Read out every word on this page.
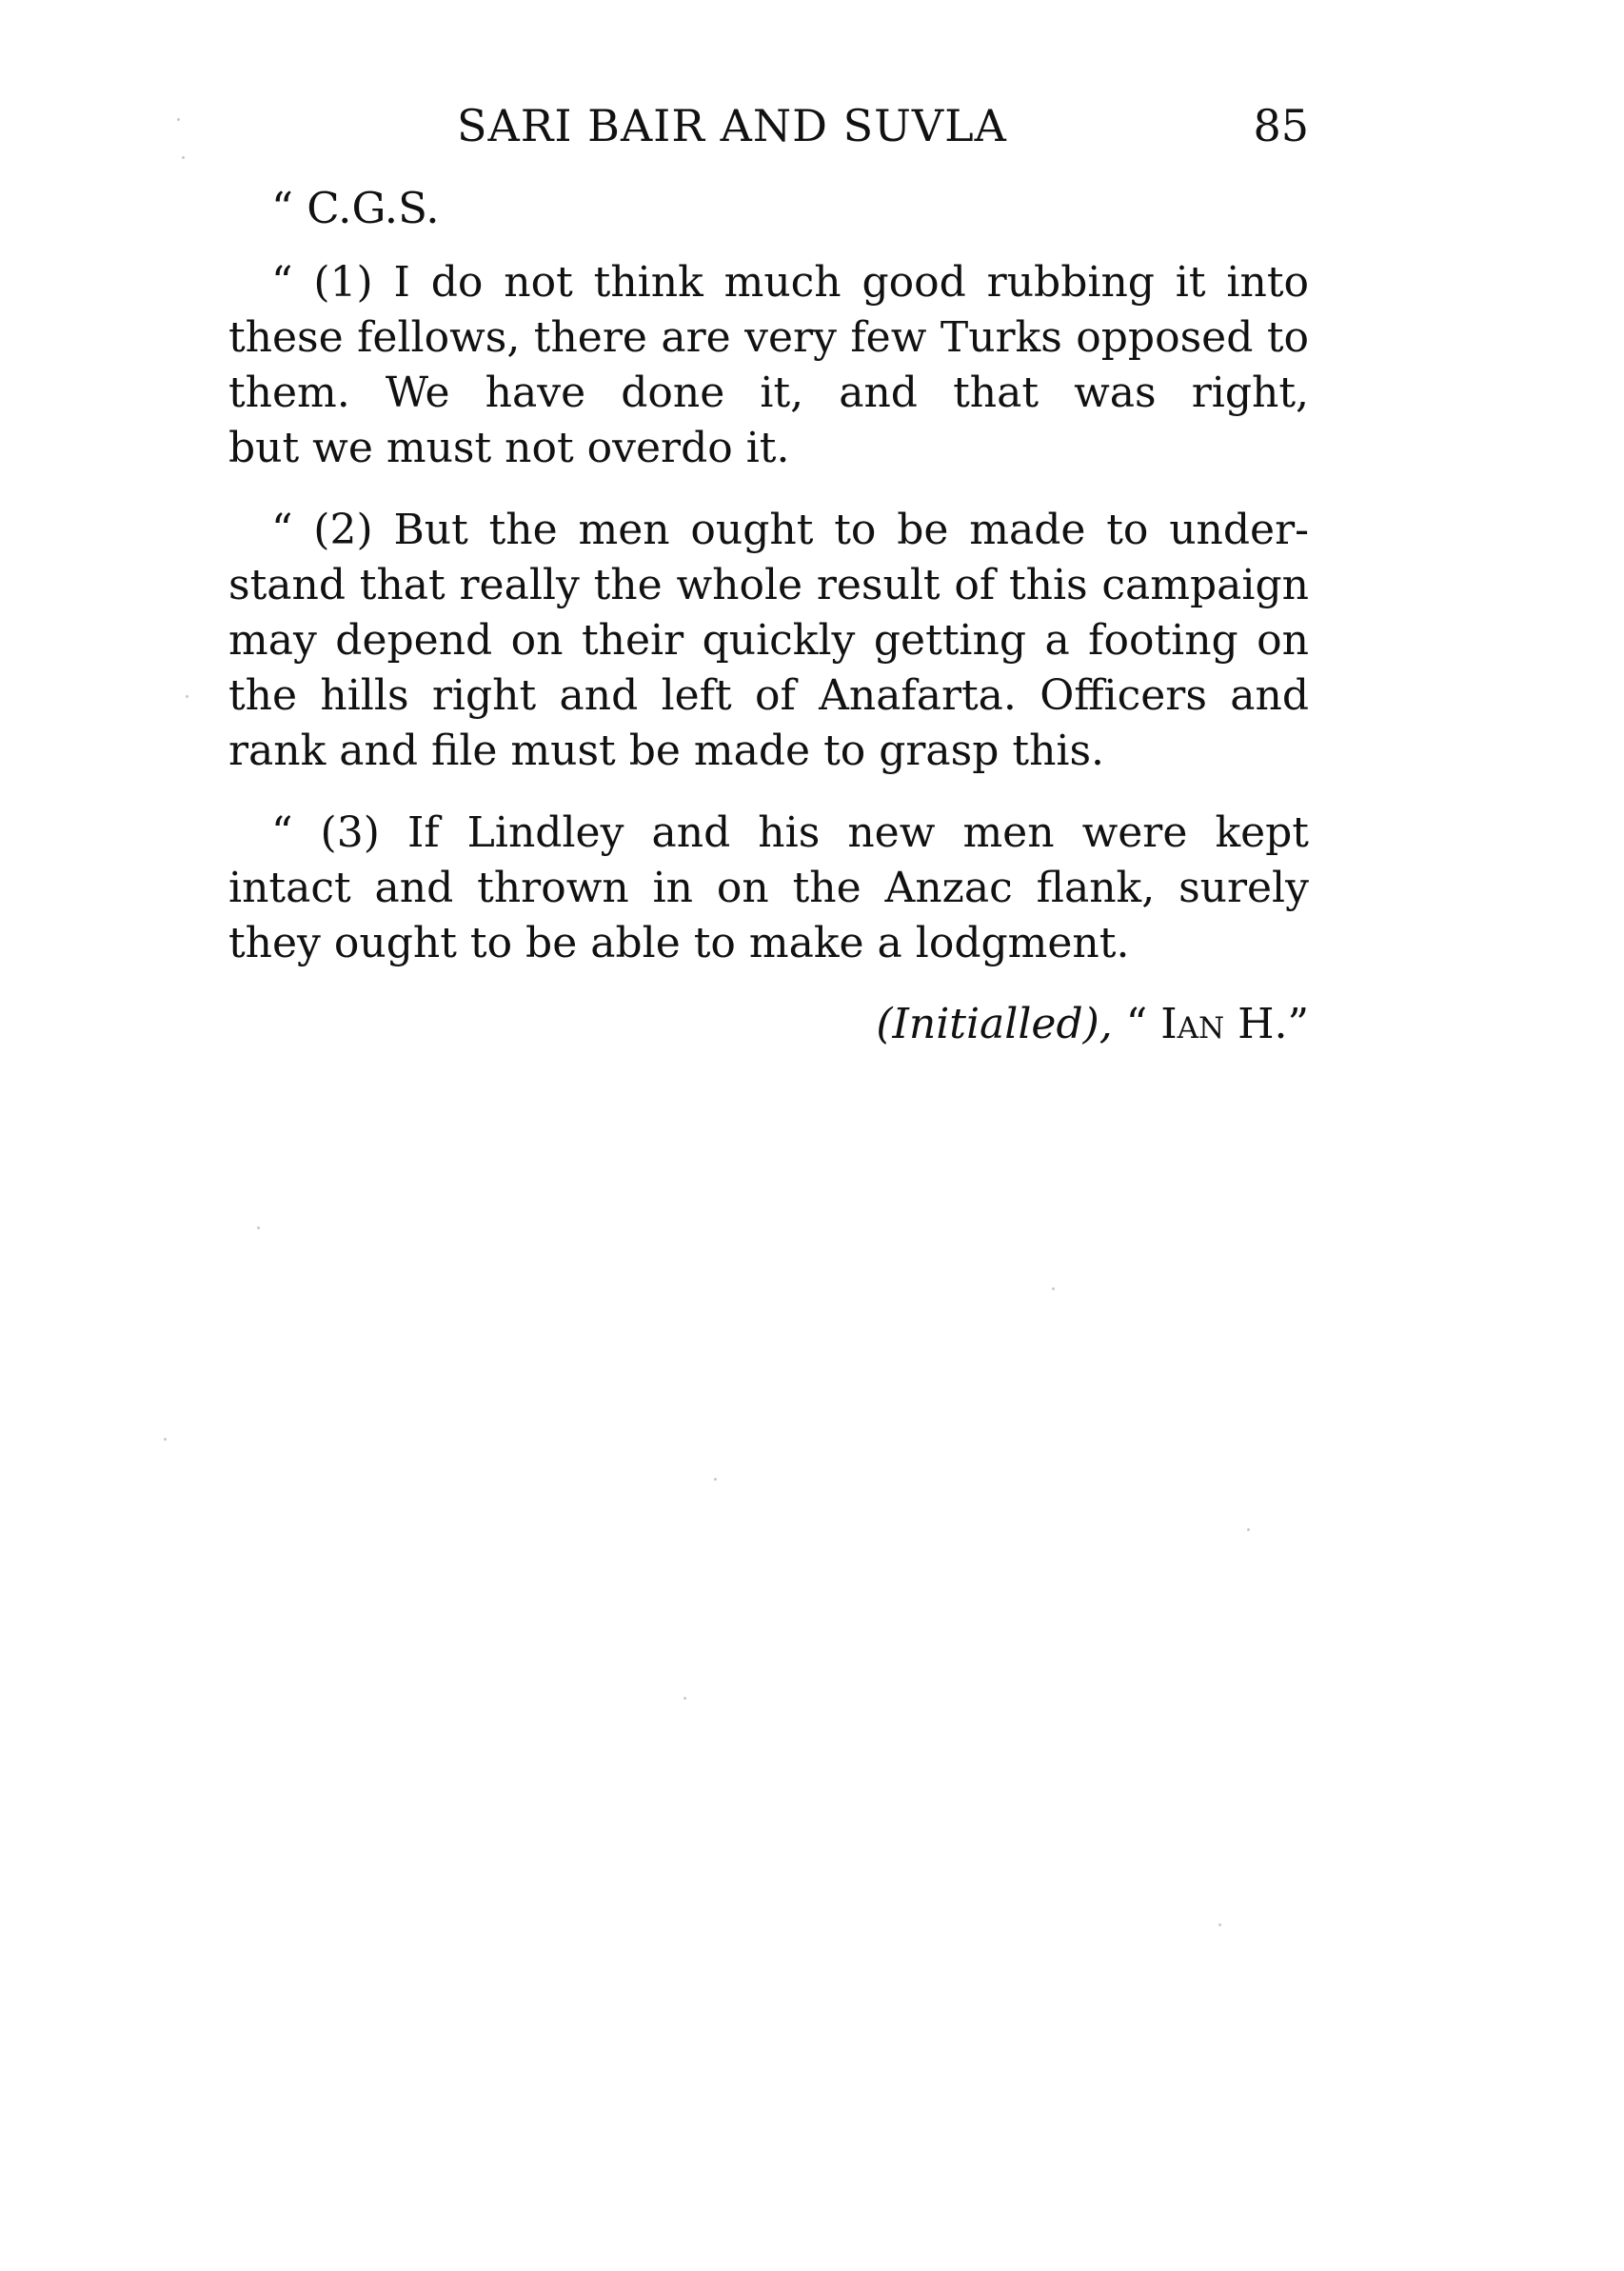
SARI BAIR AND SUVLA	85
“ C.G.S.
“ (1) I do not think much good rubbing it into
these fellows, there are very few Turks opposed to
them. We have done it, and that was right,
but we must not overdo it.
“ (2) But the men ought to be made to under-
stand that really the whole result of this campaign
may depend on their quickly getting a footing on
the hills right and left of Anafarta. Officers and
rank and file must be made to grasp this.
“ (3) If Lindley and his new men were kept
intact and thrown in on the Anzac flank, surely
they ought to be able to make a lodgment.
(Initialled), “ Ian H.”
